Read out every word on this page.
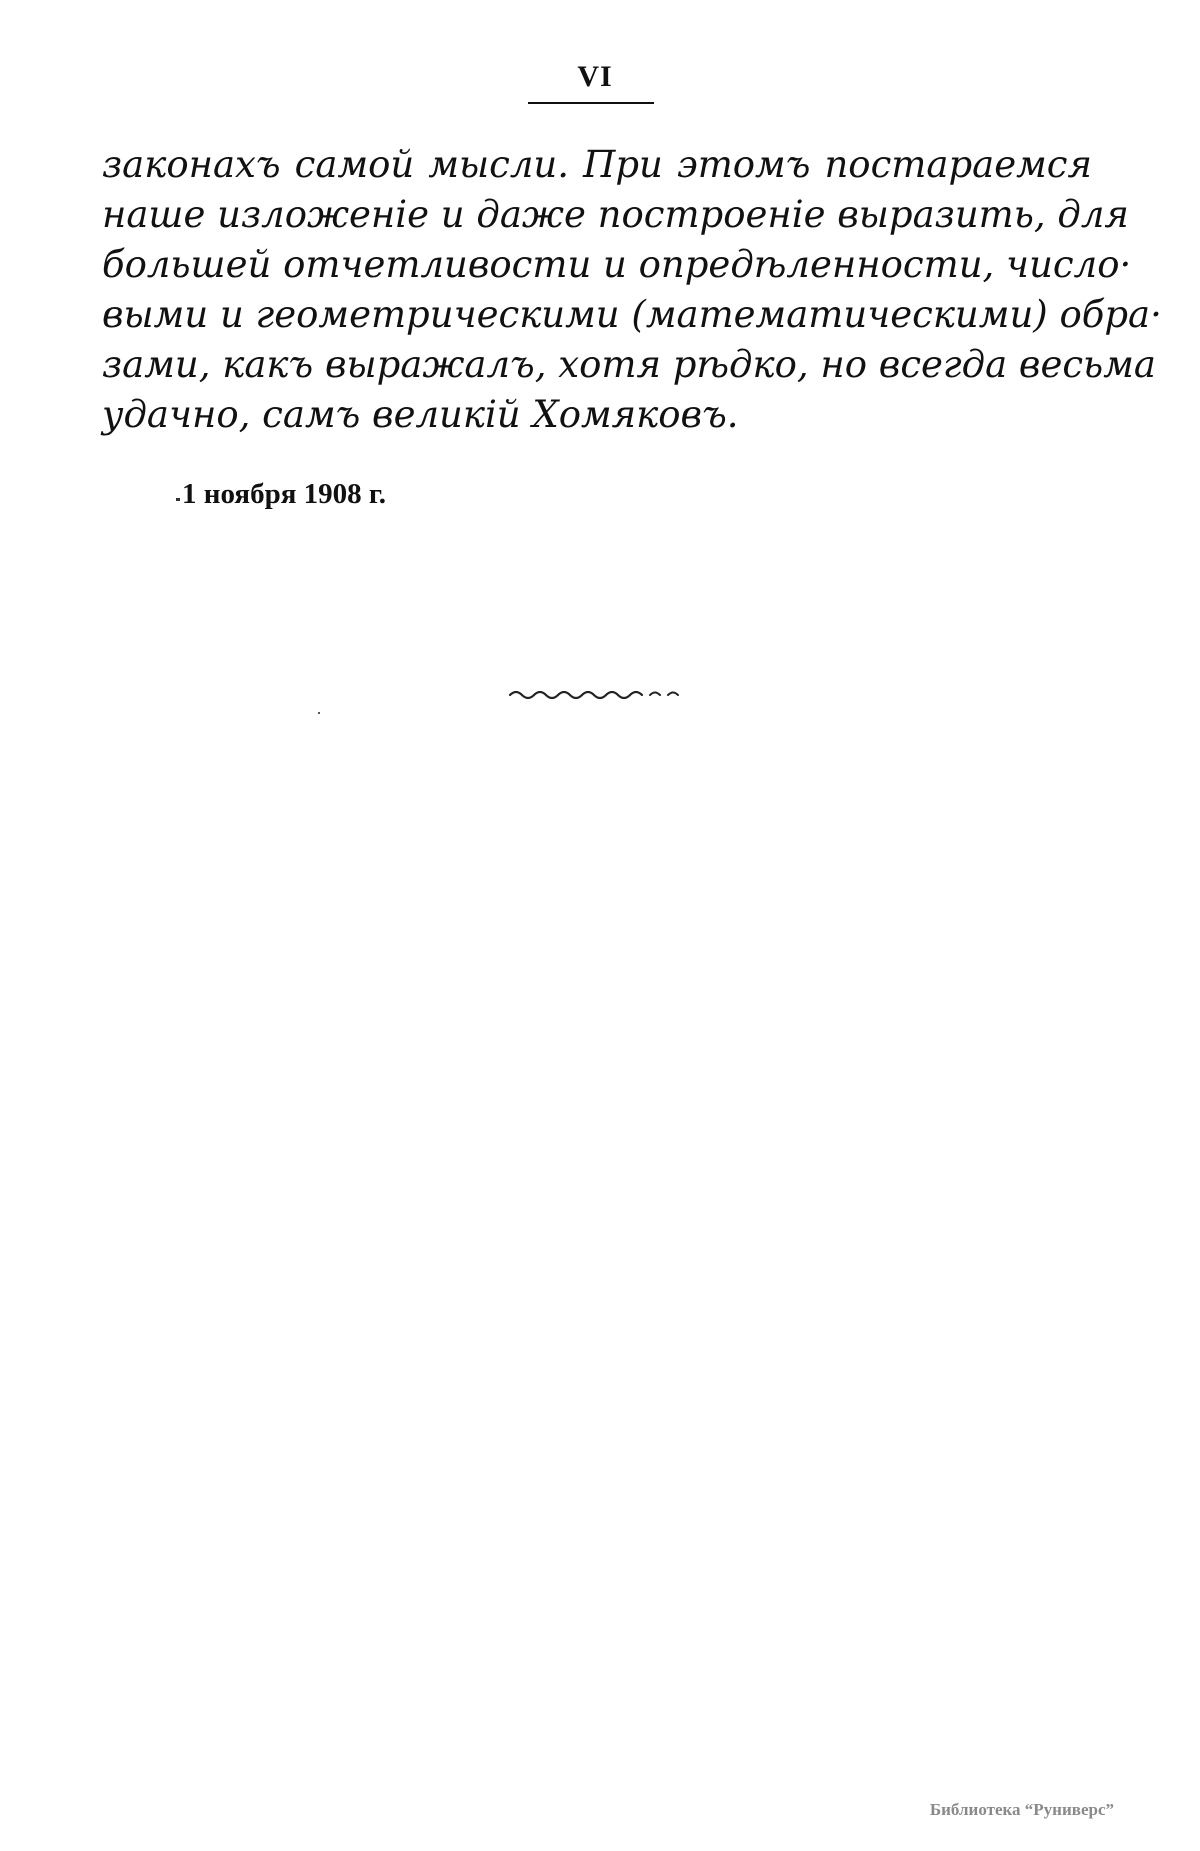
VI
законахъ самой мысли. При этомъ постараемся
наше изложеніе и даже построеніе выразить, для
большей отчетливости и опредѣленности, числo·
выми и геометрическими (математическими) обра·
зами, какъ выражалъ, хотя рѣдко, но всегда весьма
удачно, самъ великій Хомяковъ.
1 ноября 1908 г.
Библиотека “Руниверс”
